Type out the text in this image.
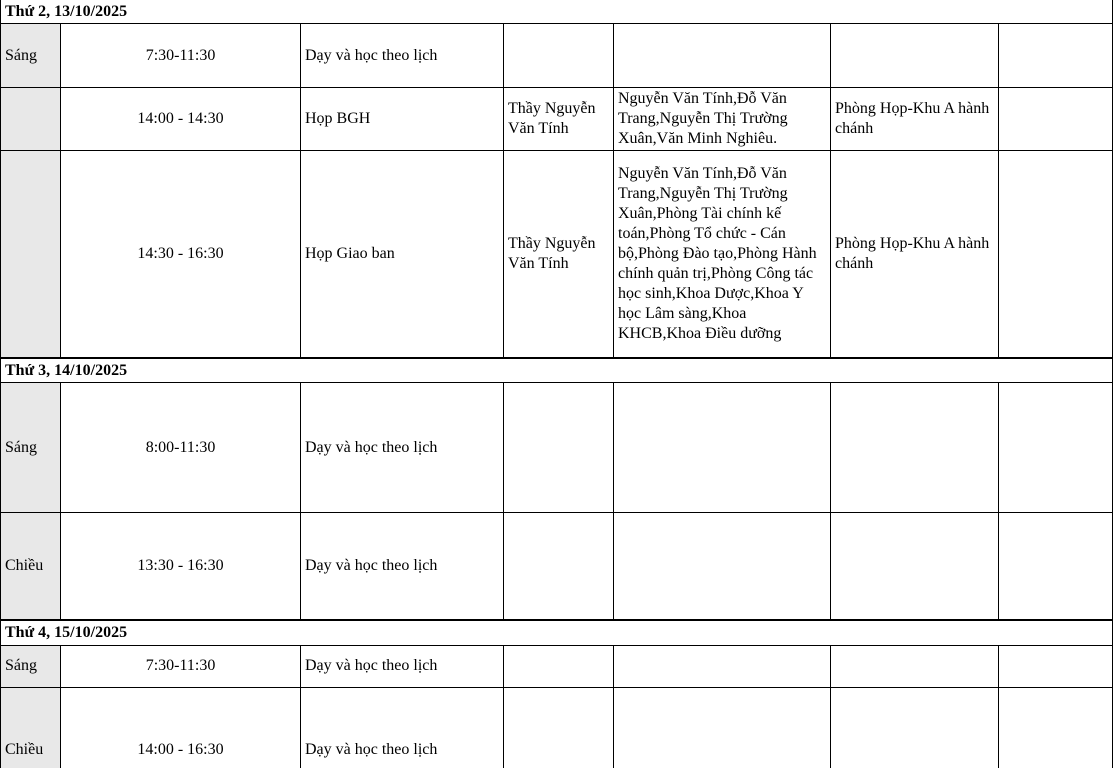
Thứ 2, 13/10/2025						
Sáng	7:30-11:30	Dạy và học theo lịch				
	14:00 - 14:30	Họp BGH	Thầy Nguyễn Văn Tính	Nguyễn Văn Tính,Đỗ Văn Trang,Nguyễn Thị Trường Xuân,Văn Minh Nghiêu.	Phòng Họp-Khu A hành chánh	
	14:30 - 16:30	Họp Giao ban	Thầy Nguyễn Văn Tính	Nguyễn Văn Tính,Đỗ Văn Trang,Nguyễn Thị Trường Xuân,Phòng Tài chính kế toán,Phòng Tổ chức - Cán bộ,Phòng Đào tạo,Phòng Hành chính quản trị,Phòng Công tác học sinh,Khoa Dược,Khoa Y học Lâm sàng,Khoa KHCB,Khoa Điều dưỡng	Phòng Họp-Khu A hành chánh	
Thứ 3, 14/10/2025						
Sáng	8:00-11:30	Dạy và học theo lịch				
Chiều	13:30 - 16:30	Dạy và học theo lịch				
Thứ 4, 15/10/2025						
Sáng	7:30-11:30	Dạy và học theo lịch				
Chiều	14:00 - 16:30	Dạy và học theo lịch				
